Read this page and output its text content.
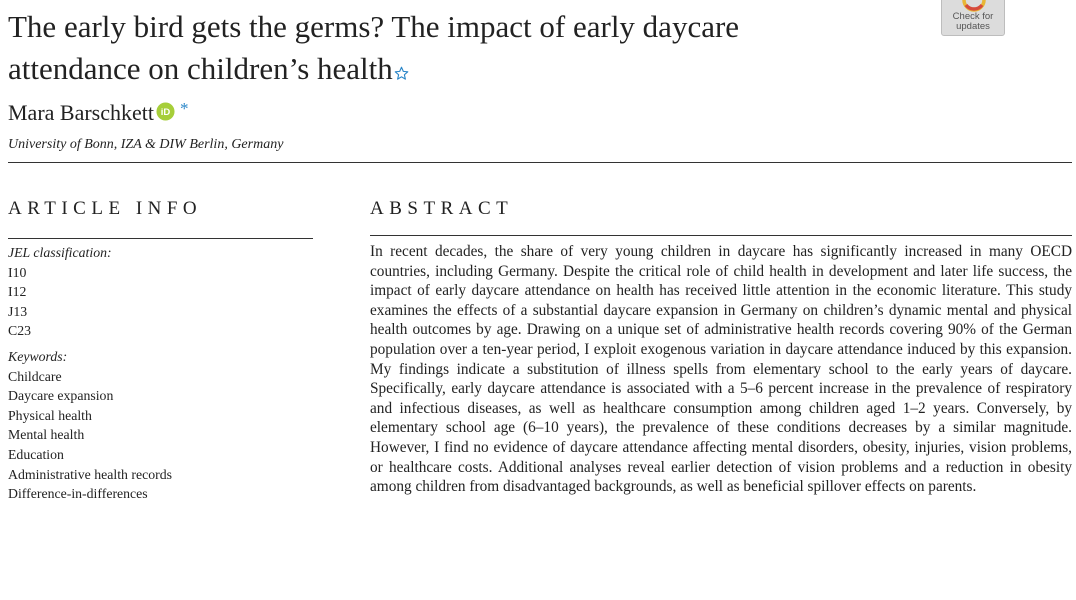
The early bird gets the germs? The impact of early daycare attendance on children’s health
Check for
updates
Mara Barschkett iD *
University of Bonn, IZA & DIW Berlin, Germany
ARTICLE INFO	ABSTRACT
JEL classification:
I10
I12
J13
C23
Keywords:
Childcare
Daycare expansion
Physical health
Mental health
Education
Administrative health records
Difference-in-differences

In recent decades, the share of very young children in daycare has significantly increased in many OECD countries, including Germany. Despite the critical role of child health in development and later life success, the impact of early daycare attendance on health has received little attention in the economic literature. This study examines the effects of a substantial daycare expansion in Germany on children’s dynamic mental and physical health outcomes by age. Drawing on a unique set of administrative health records covering 90% of the German population over a ten-year period, I exploit exogenous variation in daycare attendance induced by this expansion. My findings indicate a substitution of illness spells from elementary school to the early years of daycare. Specifically, early daycare attendance is associated with a 5–6 percent increase in the prevalence of respiratory and infectious diseases, as well as healthcare consumption among children aged 1–2 years. Conversely, by elementary school age (6–10 years), the prevalence of these conditions decreases by a similar magnitude. However, I find no evidence of daycare attendance affecting mental disorders, obesity, injuries, vision problems, or healthcare costs. Additional analyses reveal earlier detection of vision problems and a reduction in obesity among children from disadvantaged backgrounds, as well as beneficial spillover effects on parents.
